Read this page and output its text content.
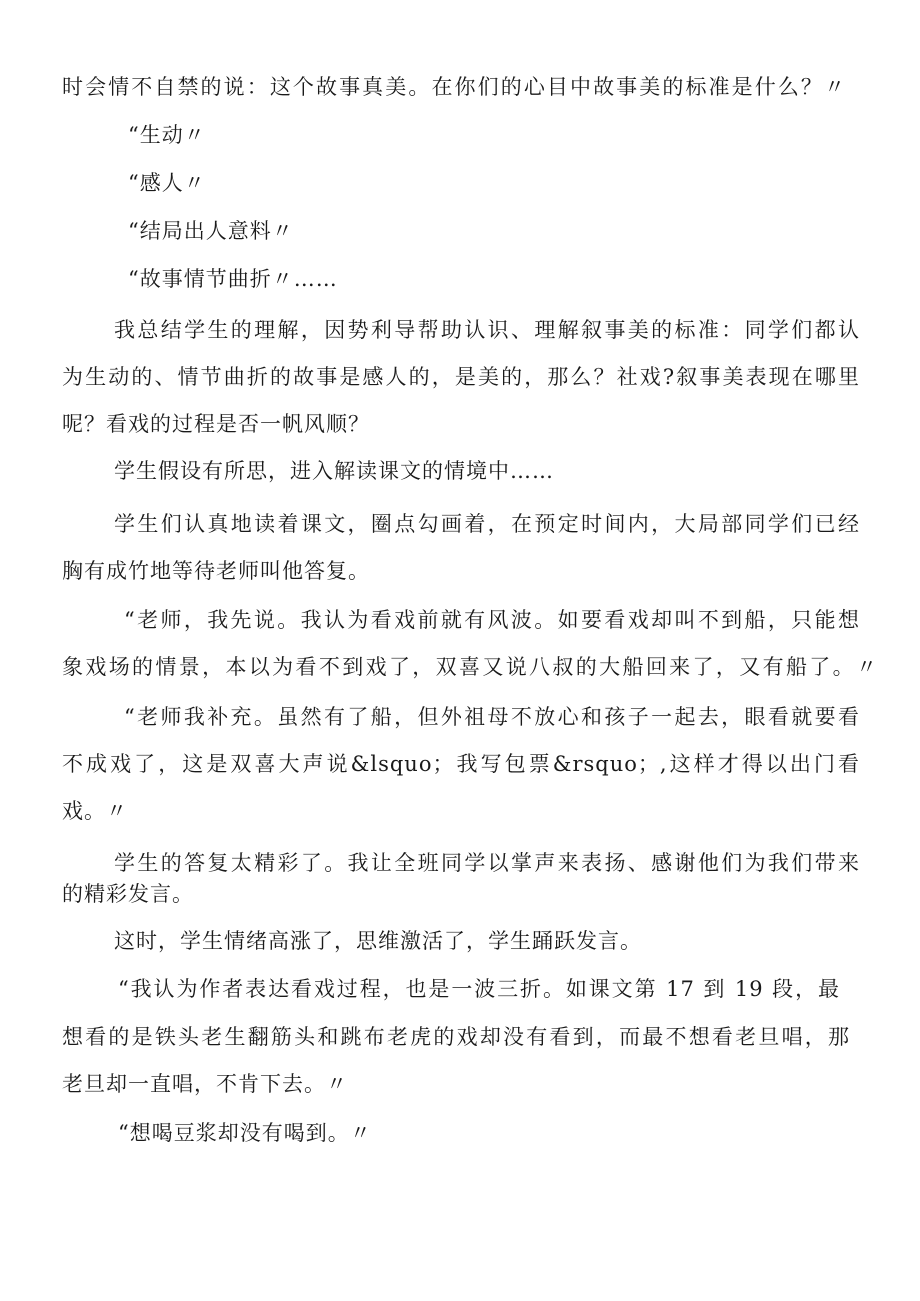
时会情不自禁的说：这个故事真美。在你们的心目中故事美的标准是什么？〃
“生动〃
“感人〃
“结局出人意料〃
“故事情节曲折〃……
我总结学生的理解，因势利导帮助认识、理解叙事美的标准：同学们都认
为生动的、情节曲折的故事是感人的，是美的，那么？社戏?叙事美表现在哪里
呢？看戏的过程是否一帆风顺？
学生假设有所思，进入解读课文的情境中……
学生们认真地读着课文，圈点勾画着，在预定时间内，大局部同学们已经
胸有成竹地等待老师叫他答复。
“老师，我先说。我认为看戏前就有风波。如要看戏却叫不到船，只能想
象戏场的情景，本以为看不到戏了，双喜又说八叔的大船回来了，又有船了。〃
“老师我补充。虽然有了船，但外祖母不放心和孩子一起去，眼看就要看
不成戏了，这是双喜大声说&lsquo；我写包票&rsquo；,这样才得以出门看
戏。〃
学生的答复太精彩了。我让全班同学以掌声来表扬、感谢他们为我们带来
的精彩发言。
这时，学生情绪高涨了，思维激活了，学生踊跃发言。
“我认为作者表达看戏过程，也是一波三折。如课文第 17 到 19 段，最
想看的是铁头老生翻筋头和跳布老虎的戏却没有看到，而最不想看老旦唱，那
老旦却一直唱，不肯下去。〃
“想喝豆浆却没有喝到。〃
